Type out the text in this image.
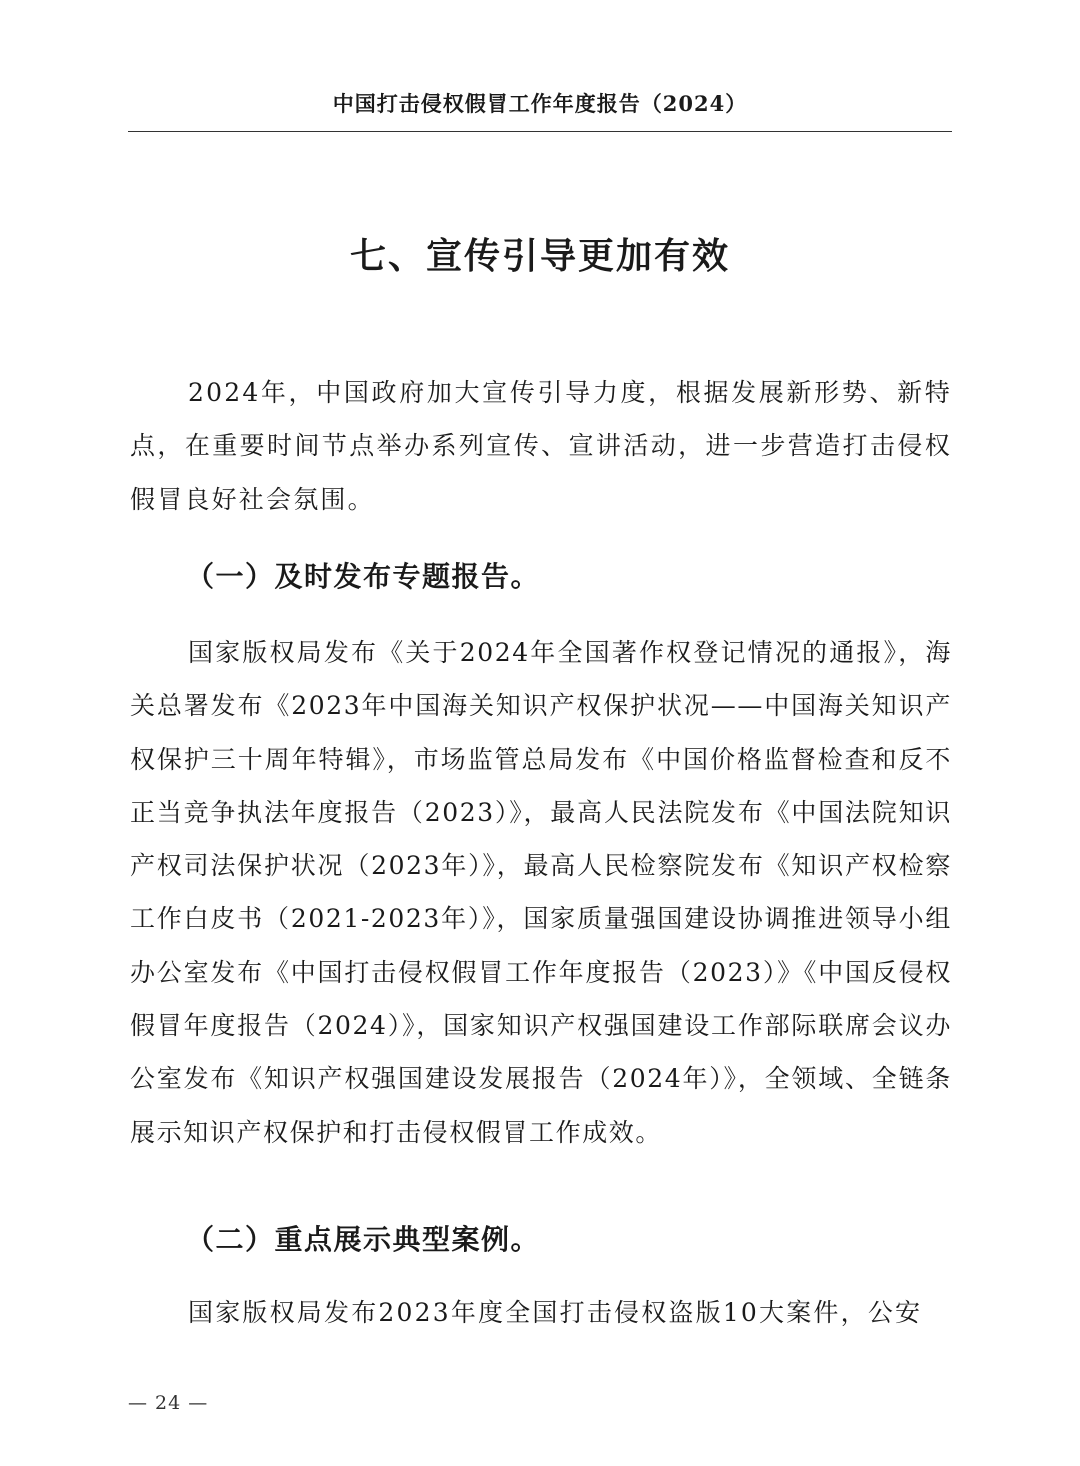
中国打击侵权假冒工作年度报告（2024）
七、宣传引导更加有效

2024年，中国政府加大宣传引导力度，根据发展新形势、新特点，在重要时间节点举办系列宣传、宣讲活动，进一步营造打击侵权假冒良好社会氛围。

（一）及时发布专题报告。

国家版权局发布《关于2024年全国著作权登记情况的通报》，海关总署发布《2023年中国海关知识产权保护状况——中国海关知识产权保护三十周年特辑》，市场监管总局发布《中国价格监督检查和反不正当竞争执法年度报告（2023）》，最高人民法院发布《中国法院知识产权司法保护状况（2023年）》，最高人民检察院发布《知识产权检察工作白皮书（2021-2023年）》，国家质量强国建设协调推进领导小组办公室发布《中国打击侵权假冒工作年度报告（2023）》《中国反侵权假冒年度报告（2024）》，国家知识产权强国建设工作部际联席会议办公室发布《知识产权强国建设发展报告（2024年）》，全领域、全链条展示知识产权保护和打击侵权假冒工作成效。

（二）重点展示典型案例。

国家版权局发布2023年度全国打击侵权盗版10大案件，公安

— 24 —
